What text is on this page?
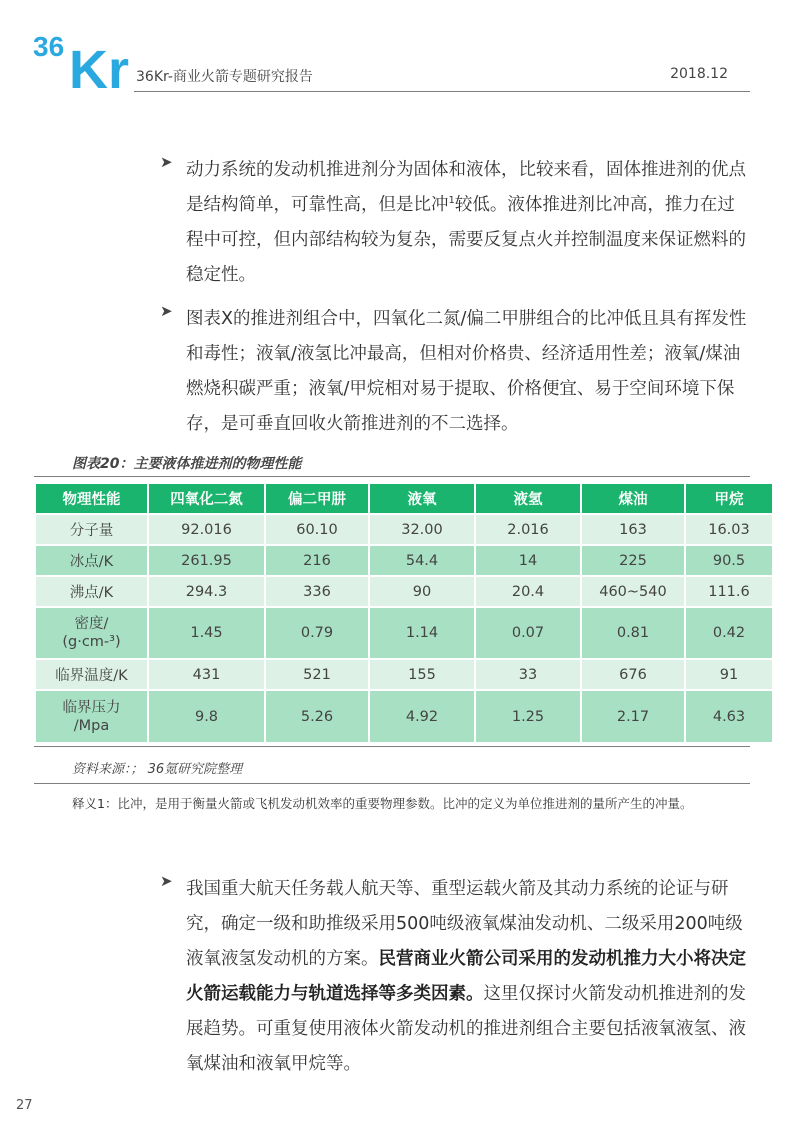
36 Kr 36Kr-商业火箭专题研究报告	2018.12
➤ 动力系统的发动机推进剂分为固体和液体，比较来看，固体推进剂的优点是结构简单，可靠性高，但是比冲$^1$较低。液体推进剂比冲高，推力在过程中可控，但内部结构较为复杂，需要反复点火并控制温度来保证燃料的稳定性。

➤ 图表X的推进剂组合中，四氧化二氮/偏二甲肼组合的比冲低且具有挥发性和毒性；液氧/液氢比冲最高，但相对价格贵、经济适用性差；液氧/煤油燃烧积碳严重；液氧/甲烷相对易于提取、价格便宜、易于空间环境下保存，是可垂直回收火箭推进剂的不二选择。

图表20：主要液体推进剂的物理性能
物理性能	四氧化二氮	偏二甲肼	液氧	液氢	煤油	甲烷
分子量	92.016	60.10	32.00	2.016	163	16.03
冰点/K	261.95	216	54.4	14	225	90.5
沸点/K	294.3	336	90	20.4	460~540	111.6
密度/
(g·cm-³)	1.45	0.79	1.14	0.07	0.81	0.42
临界温度/K	431	521	155	33	676	91
临界压力
/Mpa	9.8	5.26	4.92	1.25	2.17	4.63
资料来源：； 36氪研究院整理
释义1：比冲，是用于衡量火箭或飞机发动机效率的重要物理参数。比冲的定义为单位推进剂的量所产生的冲量。
➤ 我国重大航天任务载人航天等、重型运载火箭及其动力系统的论证与研究，确定一级和助推级采用500吨级液氧煤油发动机、二级采用200吨级液氧液氢发动机的方案。民营商业火箭公司采用的发动机推力大小将决定火箭运载能力与轨道选择等多类因素。这里仅探讨火箭发动机推进剂的发展趋势。可重复使用液体火箭发动机的推进剂组合主要包括液氧液氢、液氧煤油和液氧甲烷等。

27
